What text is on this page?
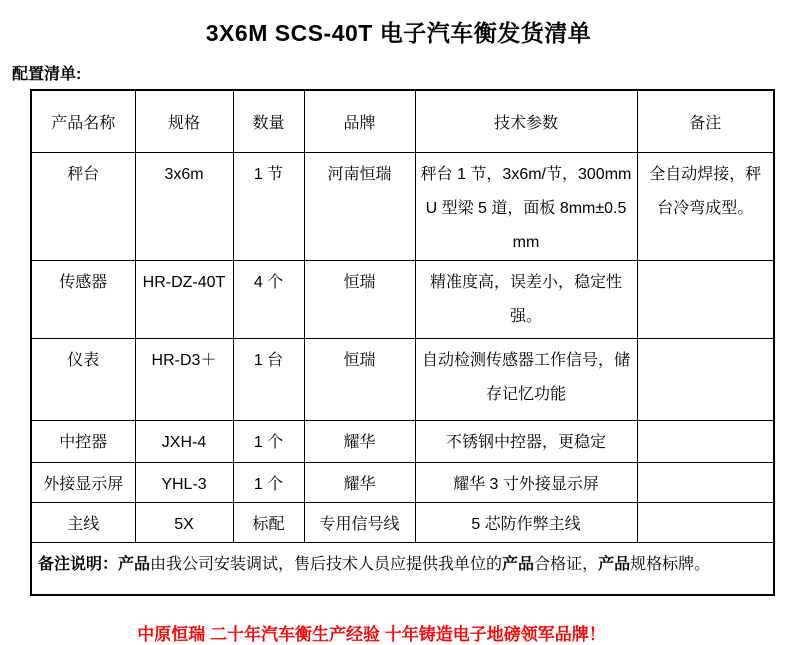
3X6M SCS-40T 电子汽车衡发货清单
配置清单:
产品名称	规格	数量	品牌	技术参数	备注
秤台	3x6m	1 节	河南恒瑞	秤台 1 节，3x6m/节，300mmU 型梁 5 道，面板 8mm±0.5mm	全自动焊接，秤台冷弯成型。
传感器	HR-DZ-40T	4 个	恒瑞	精准度高，误差小，稳定性强。	
仪表	HR-D3＋	1 台	恒瑞	自动检测传感器工作信号，储存记忆功能	
中控器	JXH-4	1 个	耀华	不锈钢中控器，更稳定	
外接显示屏	YHL-3	1 个	耀华	耀华 3 寸外接显示屏	
主线	5X	标配	专用信号线	5 芯防作弊主线	
备注说明：产品由我公司安装调试，售后技术人员应提供我单位的产品合格证，产品规格标牌。					
中原恒瑞 二十年汽车衡生产经验 十年铸造电子地磅领军品牌！
